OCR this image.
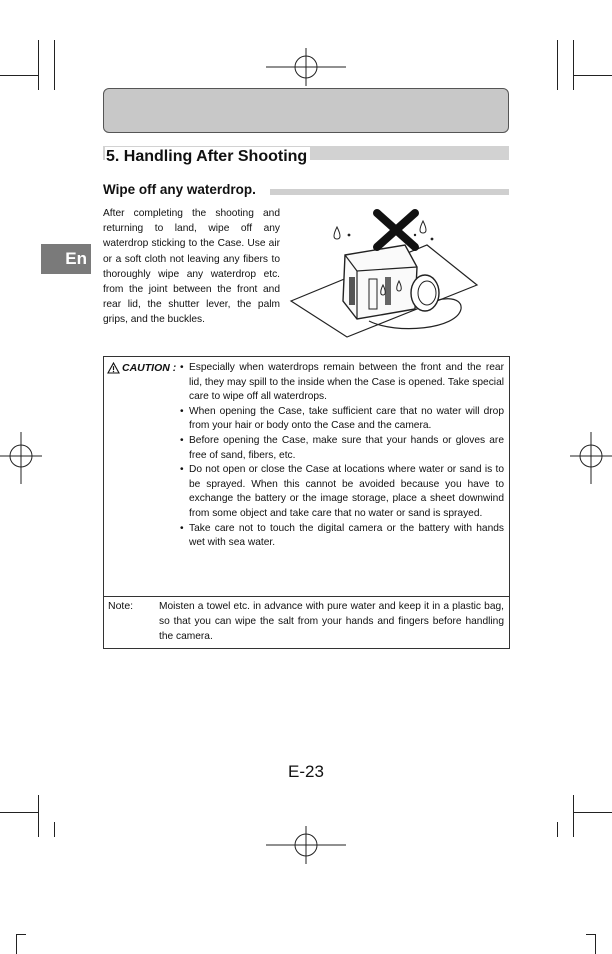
5. Handling After Shooting
Wipe off any waterdrop.
En
After completing the shooting and returning to land, wipe off any waterdrop sticking to the Case. Use air or a soft cloth not leaving any fibers to thoroughly wipe any waterdrop etc. from the joint between the front and rear lid, the shutter lever, the palm grips, and the buckles.
CAUTION :
•	Especially when waterdrops remain between the front and the rear lid, they may spill to the inside when the Case is opened. Take special care to wipe off all waterdrops.
• When opening the Case, take sufficient care that no water will drop from your hair or body onto the Case and the camera.
• Before opening the Case, make sure that your hands or gloves are free of sand, fibers, etc.
• Do not open or close the Case at locations where water or sand is to be sprayed. When this cannot be avoided because you have to exchange the battery or the image storage, place a sheet downwind from some object and take care that no water or sand is sprayed.
• Take care not to touch the digital camera or the battery with hands wet with sea water.
Note:	Moisten a towel etc. in advance with pure water and keep it in a plastic bag, so that you can wipe the salt from your hands and fingers before handling the camera.
E-23
